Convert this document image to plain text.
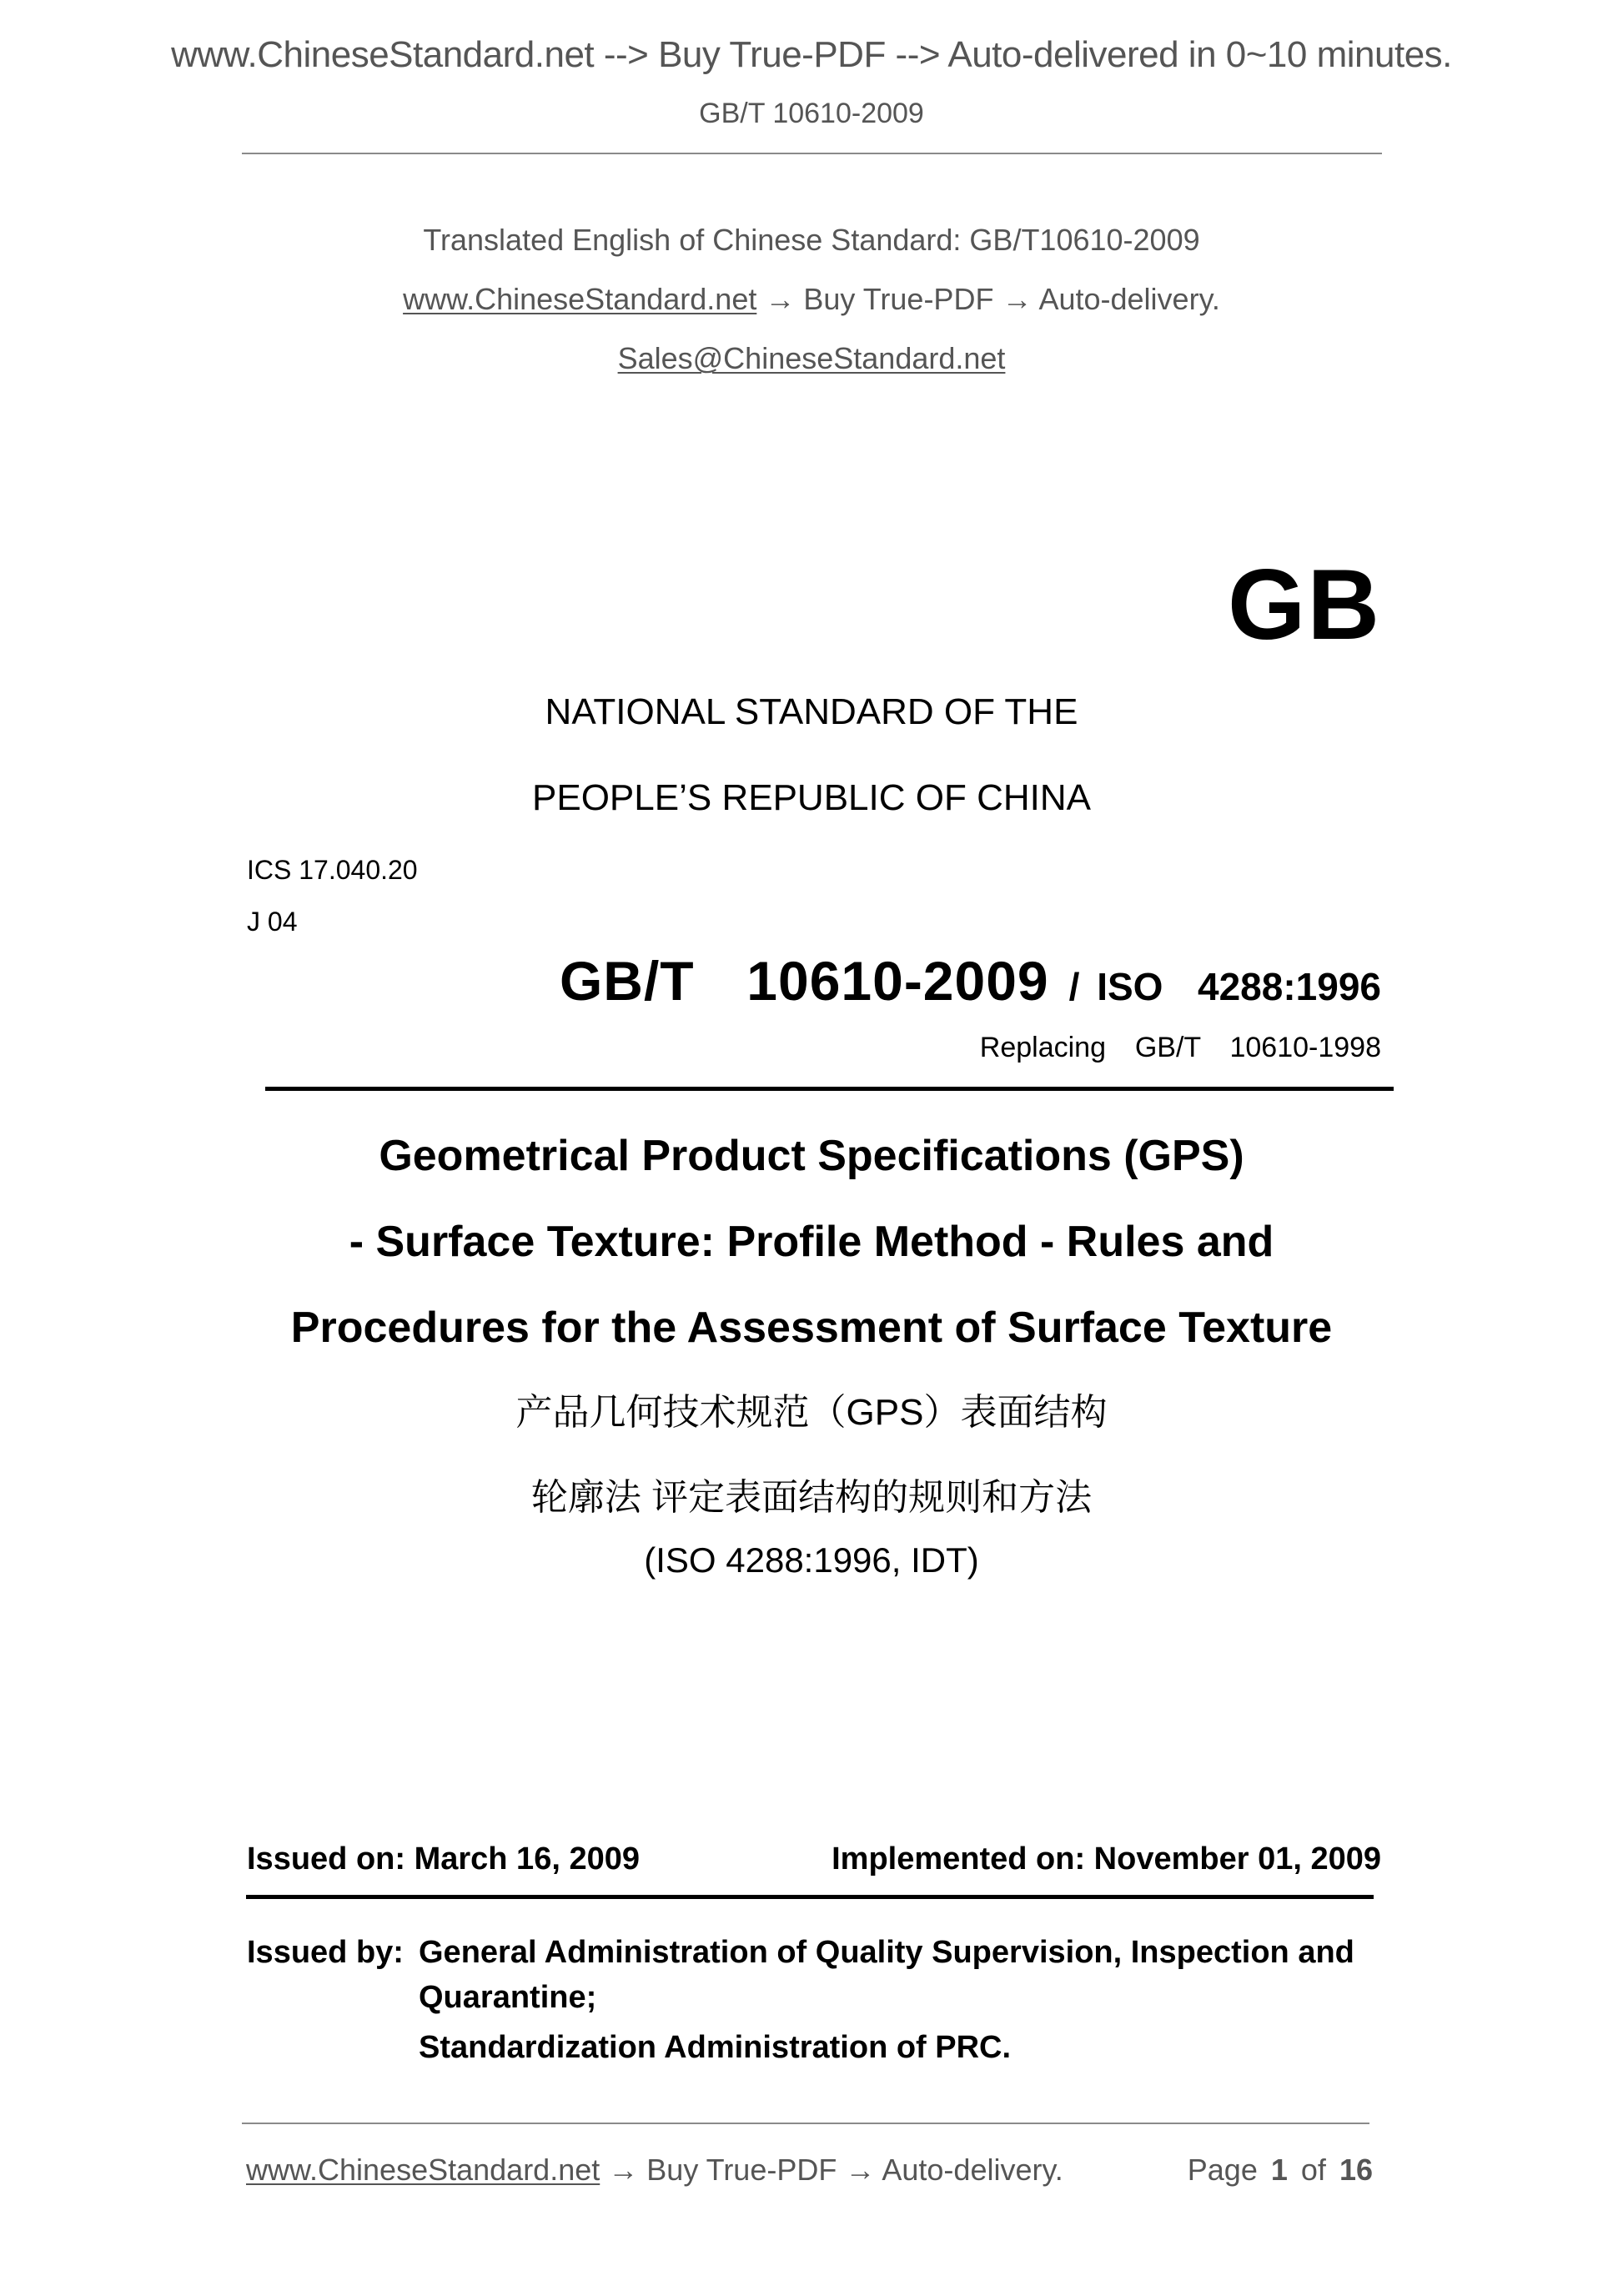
www.ChineseStandard.net --> Buy True-PDF --> Auto-delivered in 0~10 minutes.
GB/T 10610-2009
Translated English of Chinese Standard: GB/T10610-2009
www.ChineseStandard.net → Buy True-PDF → Auto-delivery.
Sales@ChineseStandard.net
GB
NATIONAL STANDARD OF THE
PEOPLE’S REPUBLIC OF CHINA
ICS 17.040.20
J 04
GB/T  10610-2009 / ISO  4288:1996
Replacing  GB/T  10610-1998
Geometrical Product Specifications (GPS)
- Surface Texture: Profile Method - Rules and
Procedures for the Assessment of Surface Texture
产品几何技术规范（GPS）表面结构
轮廓法 评定表面结构的规则和方法
(ISO 4288:1996, IDT)
Issued on: March 16, 2009	Implemented on: November 01, 2009
Issued by: General Administration of Quality Supervision, Inspection and
Quarantine;
Standardization Administration of PRC.
www.ChineseStandard.net → Buy True-PDF → Auto-delivery.	Page 1 of 16
